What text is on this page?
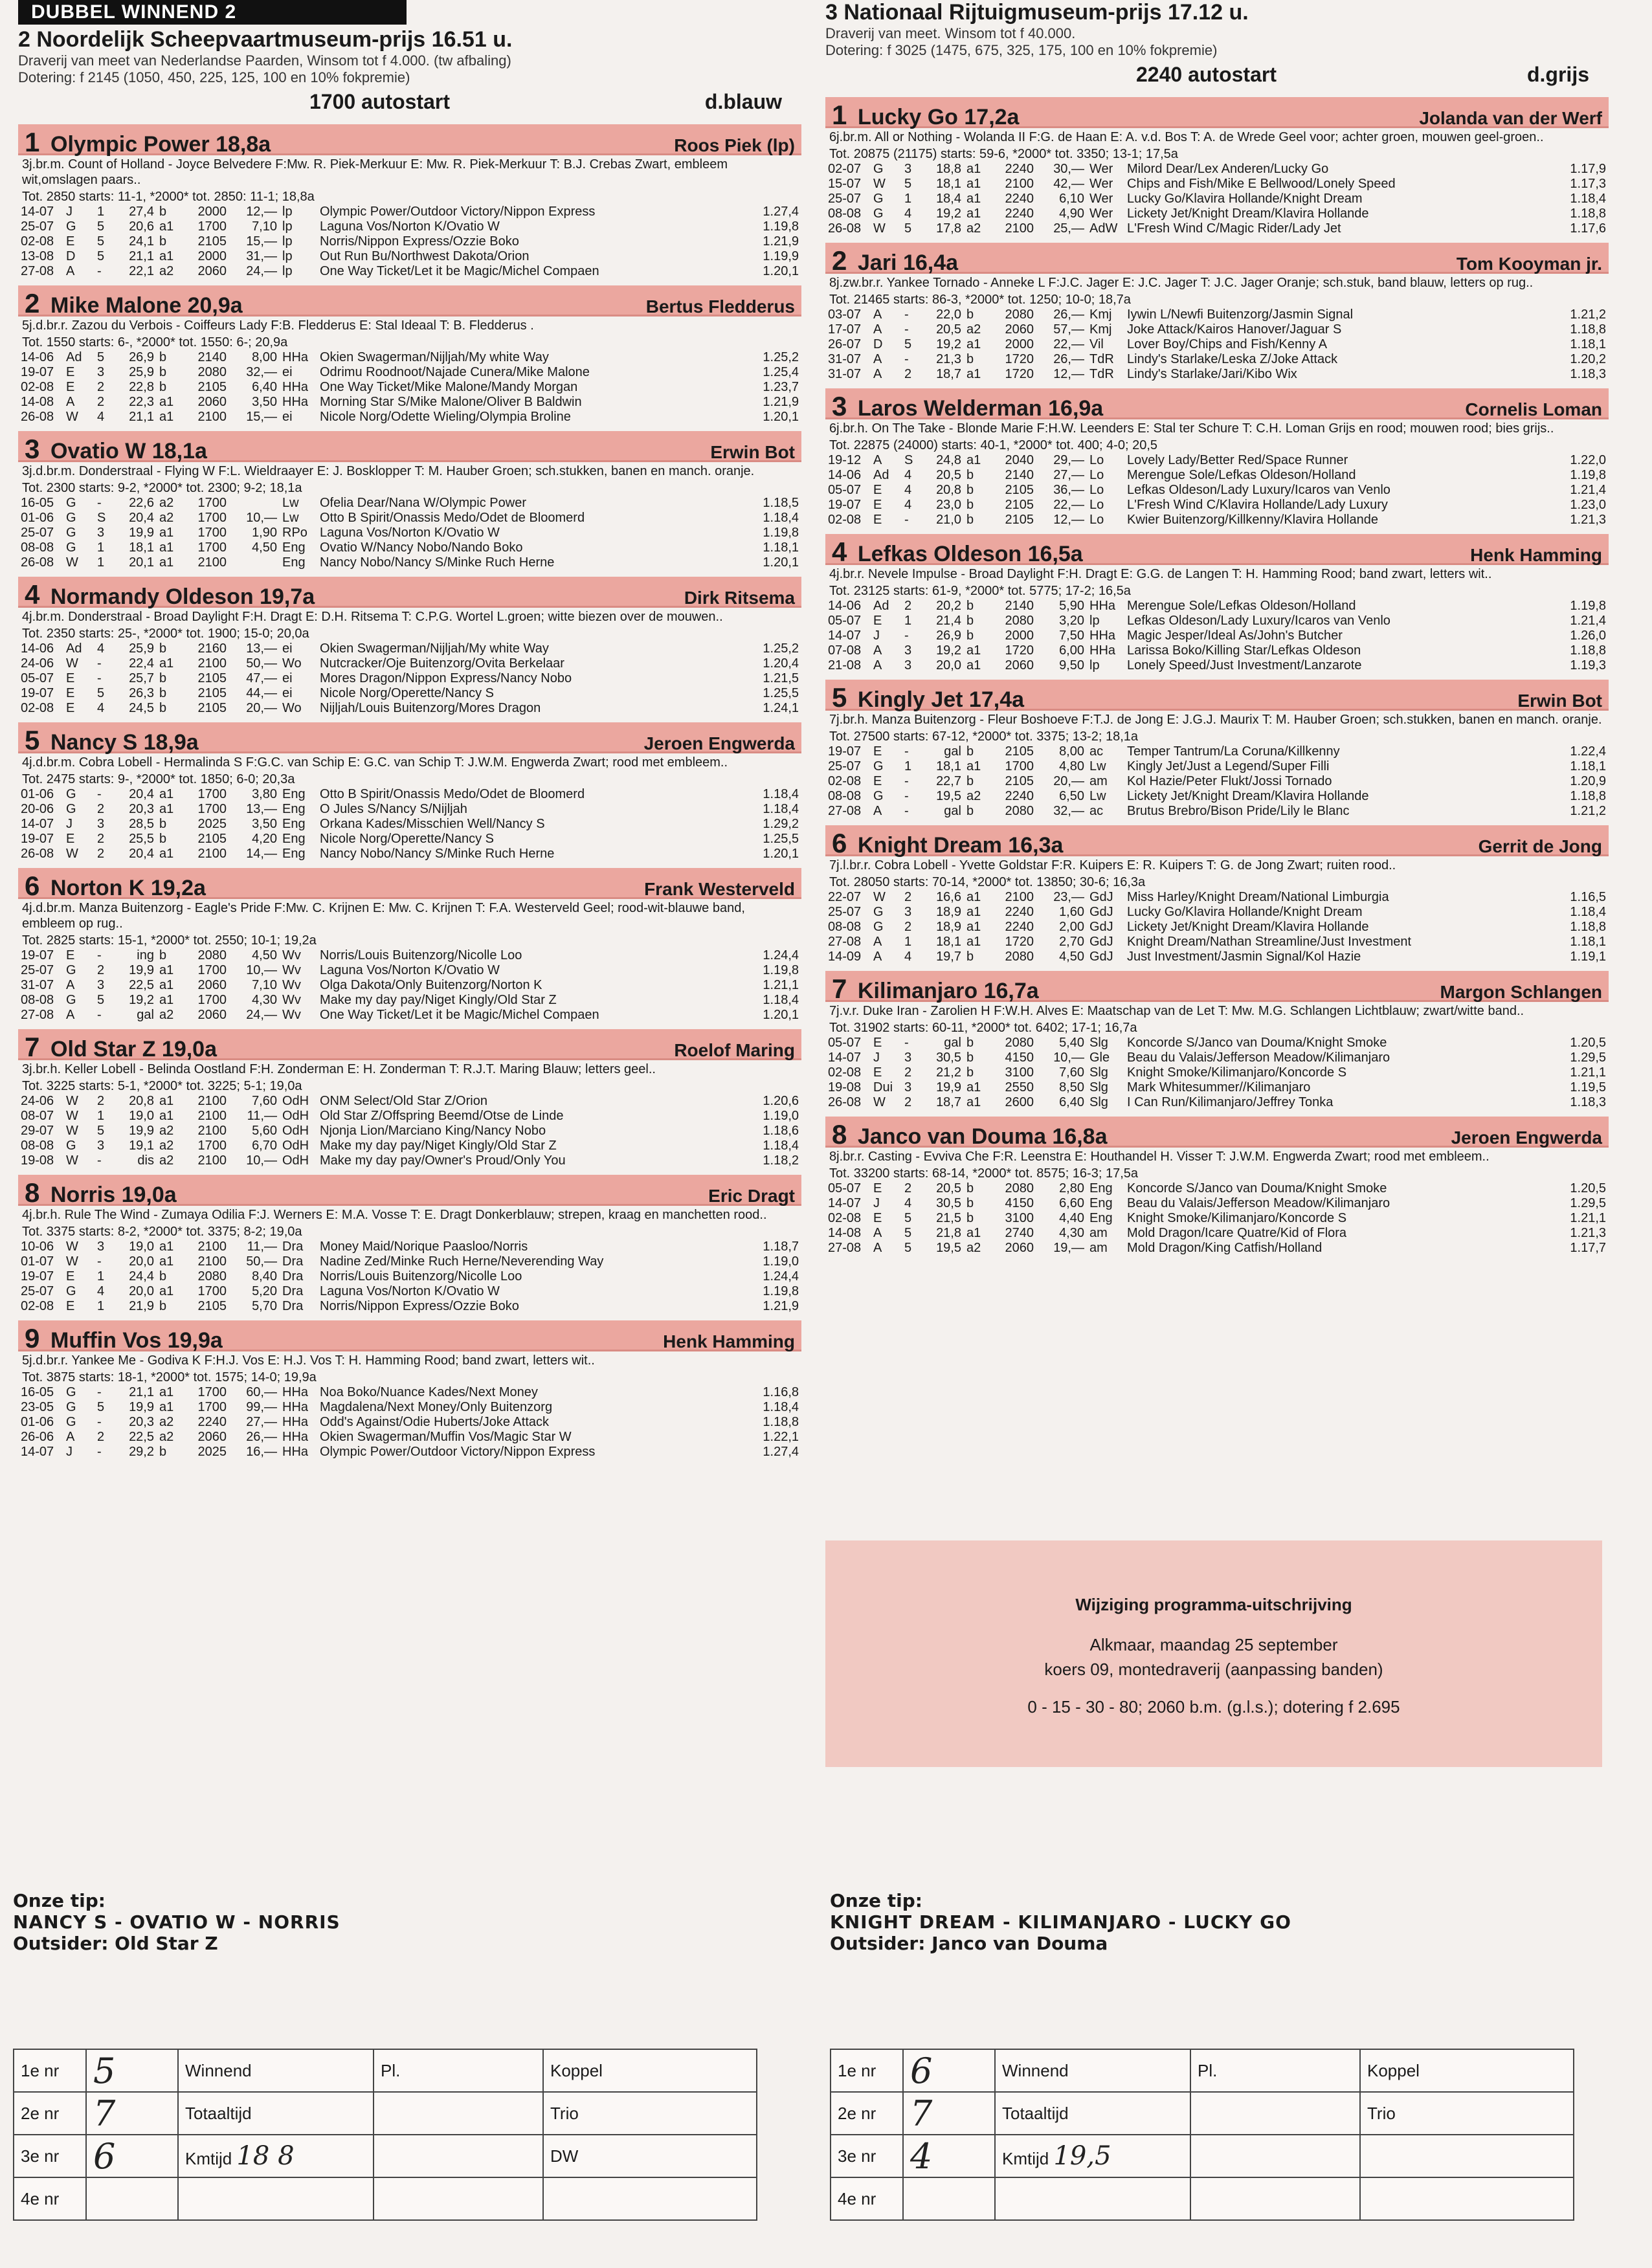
DUBBEL WINNEND 2
2 Noordelijk Scheepvaartmuseum-prijs 16.51 u.
Draverij van meet van Nederlandse Paarden, Winsom tot f 4.000. (tw afbaling)
Dotering: f 2145 (1050, 450, 225, 125, 100 en 10% fokpremie)
1700 autostart	d.blauw
1 Olympic Power 18,8a	Roos Piek (lp)
3j.br.m. Count of Holland - Joyce Belvedere F:Mw. R. Piek-Merkuur E: Mw. R. Piek-Merkuur T: B.J. Crebas Zwart, embleem wit,omslagen paars..
Tot. 2850 starts: 11-1, *2000* tot. 2850: 11-1; 18,8a
14-07	J	1	27,4	b	2000	12,—	lp	Olympic Power/Outdoor Victory/Nippon Express	1.27,4
25-07	G	5	20,6	a1	1700	7,10	lp	Laguna Vos/Norton K/Ovatio W	1.19,8
02-08	E	5	24,1	b	2105	15,—	lp	Norris/Nippon Express/Ozzie Boko	1.21,9
13-08	D	5	21,1	a1	2000	31,—	lp	Out Run Bu/Northwest Dakota/Orion	1.19,9
27-08	A	-	22,1	a2	2060	24,—	lp	One Way Ticket/Let it be Magic/Michel Compaen	1.20,1
2 Mike Malone 20,9a	Bertus Fledderus
5j.d.br.r. Zazou du Verbois - Coiffeurs Lady F:B. Fledderus E: Stal Ideaal T: B. Fledderus .
Tot. 1550 starts: 6-, *2000* tot. 1550: 6-; 20,9a
14-06	Ad	5	26,9	b	2140	8,00	HHa	Okien Swagerman/Nijljah/My white Way	1.25,2
19-07	E	3	25,9	b	2080	32,—	ei	Odrimu Roodnoot/Najade Cunera/Mike Malone	1.25,4
02-08	E	2	22,8	b	2105	6,40	HHa	One Way Ticket/Mike Malone/Mandy Morgan	1.23,7
14-08	A	2	22,3	a1	2060	3,50	HHa	Morning Star S/Mike Malone/Oliver B Baldwin	1.21,9
26-08	W	4	21,1	a1	2100	15,—	ei	Nicole Norg/Odette Wieling/Olympia Broline	1.20,1
3 Ovatio W 18,1a	Erwin Bot
3j.d.br.m. Donderstraal - Flying W F:L. Wieldraayer E: J. Bosklopper T: M. Hauber Groen; sch.stukken, banen en manch. oranje.
Tot. 2300 starts: 9-2, *2000* tot. 2300; 9-2; 18,1a
16-05	G	-	22,6	a2	1700		Lw	Ofelia Dear/Nana W/Olympic Power	1.18,5
01-06	G	S	20,4	a2	1700	10,—	Lw	Otto B Spirit/Onassis Medo/Odet de Bloomerd	1.18,4
25-07	G	3	19,9	a1	1700	1,90	RPo	Laguna Vos/Norton K/Ovatio W	1.19,8
08-08	G	1	18,1	a1	1700	4,50	Eng	Ovatio W/Nancy Nobo/Nando Boko	1.18,1
26-08	W	1	20,1	a1	2100		Eng	Nancy Nobo/Nancy S/Minke Ruch Herne	1.20,1
4 Normandy Oldeson 19,7a	Dirk Ritsema
4j.br.m. Donderstraal - Broad Daylight F:H. Dragt E: D.H. Ritsema T: C.P.G. Wortel L.groen; witte biezen over de mouwen..
Tot. 2350 starts: 25-, *2000* tot. 1900; 15-0; 20,0a
14-06	Ad	4	25,9	b	2160	13,—	ei	Okien Swagerman/Nijljah/My white Way	1.25,2
24-06	W	-	22,4	a1	2100	50,—	Wo	Nutcracker/Oje Buitenzorg/Ovita Berkelaar	1.20,4
05-07	E	-	25,7	b	2105	47,—	ei	Mores Dragon/Nippon Express/Nancy Nobo	1.21,5
19-07	E	5	26,3	b	2105	44,—	ei	Nicole Norg/Operette/Nancy S	1.25,5
02-08	E	4	24,5	b	2105	20,—	Wo	Nijljah/Louis Buitenzorg/Mores Dragon	1.24,1
5 Nancy S 18,9a	Jeroen Engwerda
4j.d.br.m. Cobra Lobell - Hermalinda S F:G.C. van Schip E: G.C. van Schip T: J.W.M. Engwerda Zwart; rood met embleem..
Tot. 2475 starts: 9-, *2000* tot. 1850; 6-0; 20,3a
01-06	G	-	20,4	a1	1700	3,80	Eng	Otto B Spirit/Onassis Medo/Odet de Bloomerd	1.18,4
20-06	G	2	20,3	a1	1700	13,—	Eng	O Jules S/Nancy S/Nijljah	1.18,4
14-07	J	3	28,5	b	2025	3,50	Eng	Orkana Kades/Misschien Well/Nancy S	1.29,2
19-07	E	2	25,5	b	2105	4,20	Eng	Nicole Norg/Operette/Nancy S	1.25,5
26-08	W	2	20,4	a1	2100	14,—	Eng	Nancy Nobo/Nancy S/Minke Ruch Herne	1.20,1
6 Norton K 19,2a	Frank Westerveld
4j.d.br.m. Manza Buitenzorg - Eagle's Pride F:Mw. C. Krijnen E: Mw. C. Krijnen T: F.A. Westerveld Geel; rood-wit-blauwe band, embleem op rug..
Tot. 2825 starts: 15-1, *2000* tot. 2550; 10-1; 19,2a
19-07	E	-	ing	b	2080	4,50	Wv	Norris/Louis Buitenzorg/Nicolle Loo	1.24,4
25-07	G	2	19,9	a1	1700	10,—	Wv	Laguna Vos/Norton K/Ovatio W	1.19,8
31-07	A	3	22,5	a1	2060	7,10	Wv	Olga Dakota/Only Buitenzorg/Norton K	1.21,1
08-08	G	5	19,2	a1	1700	4,30	Wv	Make my day pay/Niget Kingly/Old Star Z	1.18,4
27-08	A	-	gal	a2	2060	24,—	Wv	One Way Ticket/Let it be Magic/Michel Compaen	1.20,1
7 Old Star Z 19,0a	Roelof Maring
3j.br.h. Keller Lobell - Belinda Oostland F:H. Zonderman E: H. Zonderman T: R.J.T. Maring Blauw; letters geel..
Tot. 3225 starts: 5-1, *2000* tot. 3225; 5-1; 19,0a
24-06	W	2	20,8	a1	2100	7,60	OdH	ONM Select/Old Star Z/Orion	1.20,6
08-07	W	1	19,0	a1	2100	11,—	OdH	Old Star Z/Offspring Beemd/Otse de Linde	1.19,0
29-07	W	5	19,9	a2	2100	5,60	OdH	Njonja Lion/Marciano King/Nancy Nobo	1.18,6
08-08	G	3	19,1	a2	1700	6,70	OdH	Make my day pay/Niget Kingly/Old Star Z	1.18,4
19-08	W	-	dis	a2	2100	10,—	OdH	Make my day pay/Owner's Proud/Only You	1.18,2
8 Norris 19,0a	Eric Dragt
4j.br.h. Rule The Wind - Zumaya Odilia F:J. Werners E: M.A. Vosse T: E. Dragt Donkerblauw; strepen, kraag en manchetten rood..
Tot. 3375 starts: 8-2, *2000* tot. 3375; 8-2; 19,0a
10-06	W	3	19,0	a1	2100	11,—	Dra	Money Maid/Norique Paasloo/Norris	1.18,7
01-07	W	-	20,0	a1	2100	50,—	Dra	Nadine Zed/Minke Ruch Herne/Neverending Way	1.19,0
19-07	E	1	24,4	b	2080	8,40	Dra	Norris/Louis Buitenzorg/Nicolle Loo	1.24,4
25-07	G	4	20,0	a1	1700	5,20	Dra	Laguna Vos/Norton K/Ovatio W	1.19,8
02-08	E	1	21,9	b	2105	5,70	Dra	Norris/Nippon Express/Ozzie Boko	1.21,9
9 Muffin Vos 19,9a	Henk Hamming
5j.d.br.r. Yankee Me - Godiva K F:H.J. Vos E: H.J. Vos T: H. Hamming Rood; band zwart, letters wit..
Tot. 3875 starts: 18-1, *2000* tot. 1575; 14-0; 19,9a
16-05	G	-	21,1	a1	1700	60,—	HHa	Noa Boko/Nuance Kades/Next Money	1.16,8
23-05	G	5	19,9	a1	1700	99,—	HHa	Magdalena/Next Money/Only Buitenzorg	1.18,4
01-06	G	-	20,3	a2	2240	27,—	HHa	Odd's Against/Odie Huberts/Joke Attack	1.18,8
26-06	A	2	22,5	a2	2060	26,—	HHa	Okien Swagerman/Muffin Vos/Magic Star W	1.22,1
14-07	J	-	29,2	b	2025	16,—	HHa	Olympic Power/Outdoor Victory/Nippon Express	1.27,4
3 Nationaal Rijtuigmuseum-prijs 17.12 u.
Draverij van meet. Winsom tot f 40.000.
Dotering: f 3025 (1475, 675, 325, 175, 100 en 10% fokpremie)
2240 autostart	d.grijs
1 Lucky Go 17,2a	Jolanda van der Werf
6j.br.m. All or Nothing - Wolanda II F:G. de Haan E: A. v.d. Bos T: A. de Wrede Geel voor; achter groen, mouwen geel-groen..
Tot. 20875 (21175) starts: 59-6, *2000* tot. 3350; 13-1; 17,5a
02-07	G	3	18,8	a1	2240	30,—	Wer	Milord Dear/Lex Anderen/Lucky Go	1.17,9
15-07	W	5	18,1	a1	2100	42,—	Wer	Chips and Fish/Mike E Bellwood/Lonely Speed	1.17,3
25-07	G	1	18,4	a1	2240	6,10	Wer	Lucky Go/Klavira Hollande/Knight Dream	1.18,4
08-08	G	4	19,2	a1	2240	4,90	Wer	Lickety Jet/Knight Dream/Klavira Hollande	1.18,8
26-08	W	5	17,8	a2	2100	25,—	AdW	L'Fresh Wind C/Magic Rider/Lady Jet	1.17,6
2 Jari 16,4a	Tom Kooyman jr.
8j.zw.br.r. Yankee Tornado - Anneke L F:J.C. Jager E: J.C. Jager T: J.C. Jager Oranje; sch.stuk, band blauw, letters op rug..
Tot. 21465 starts: 86-3, *2000* tot. 1250; 10-0; 18,7a
03-07	A	-	22,0	b	2080	26,—	Kmj	Iywin L/Newfi Buitenzorg/Jasmin Signal	1.21,2
17-07	A	-	20,5	a2	2060	57,—	Kmj	Joke Attack/Kairos Hanover/Jaguar S	1.18,8
26-07	D	5	19,2	a1	2000	22,—	Vil	Lover Boy/Chips and Fish/Kenny A	1.18,1
31-07	A	-	21,3	b	1720	26,—	TdR	Lindy's Starlake/Leska Z/Joke Attack	1.20,2
31-07	A	2	18,7	a1	1720	12,—	TdR	Lindy's Starlake/Jari/Kibo Wix	1.18,3
3 Laros Welderman 16,9a	Cornelis Loman
6j.br.h. On The Take - Blonde Marie F:H.W. Leenders E: Stal ter Schure T: C.H. Loman Grijs en rood; mouwen rood; bies grijs..
Tot. 22875 (24000) starts: 40-1, *2000* tot. 400; 4-0; 20,5
19-12	A	S	24,8	a1	2040	29,—	Lo	Lovely Lady/Better Red/Space Runner	1.22,0
14-06	Ad	4	20,5	b	2140	27,—	Lo	Merengue Sole/Lefkas Oldeson/Holland	1.19,8
05-07	E	4	20,8	b	2105	36,—	Lo	Lefkas Oldeson/Lady Luxury/Icaros van Venlo	1.21,4
19-07	E	4	23,0	b	2105	22,—	Lo	L'Fresh Wind C/Klavira Hollande/Lady Luxury	1.23,0
02-08	E	-	21,0	b	2105	12,—	Lo	Kwier Buitenzorg/Killkenny/Klavira Hollande	1.21,3
4 Lefkas Oldeson 16,5a	Henk Hamming
4j.br.r. Nevele Impulse - Broad Daylight F:H. Dragt E: G.G. de Langen T: H. Hamming Rood; band zwart, letters wit..
Tot. 23125 starts: 61-9, *2000* tot. 5775; 17-2; 16,5a
14-06	Ad	2	20,2	b	2140	5,90	HHa	Merengue Sole/Lefkas Oldeson/Holland	1.19,8
05-07	E	1	21,4	b	2080	3,20	lp	Lefkas Oldeson/Lady Luxury/Icaros van Venlo	1.21,4
14-07	J	-	26,9	b	2000	7,50	HHa	Magic Jesper/Ideal As/John's Butcher	1.26,0
07-08	A	3	19,2	a1	1720	6,00	HHa	Larissa Boko/Killing Star/Lefkas Oldeson	1.18,8
21-08	A	3	20,0	a1	2060	9,50	lp	Lonely Speed/Just Investment/Lanzarote	1.19,3
5 Kingly Jet 17,4a	Erwin Bot
7j.br.h. Manza Buitenzorg - Fleur Boshoeve F:T.J. de Jong E: J.G.J. Maurix T: M. Hauber Groen; sch.stukken, banen en manch. oranje.
Tot. 27500 starts: 67-12, *2000* tot. 3375; 13-2; 18,1a
19-07	E	-	gal	b	2105	8,00	ac	Temper Tantrum/La Coruna/Killkenny	1.22,4
25-07	G	1	18,1	a1	1700	4,80	Lw	Kingly Jet/Just a Legend/Super Filli	1.18,1
02-08	E	-	22,7	b	2105	20,—	am	Kol Hazie/Peter Flukt/Jossi Tornado	1.20,9
08-08	G	-	19,5	a2	2240	6,50	Lw	Lickety Jet/Knight Dream/Klavira Hollande	1.18,8
27-08	A	-	gal	b	2080	32,—	ac	Brutus Brebro/Bison Pride/Lily le Blanc	1.21,2
6 Knight Dream 16,3a	Gerrit de Jong
7j.l.br.r. Cobra Lobell - Yvette Goldstar F:R. Kuipers E: R. Kuipers T: G. de Jong Zwart; ruiten rood..
Tot. 28050 starts: 70-14, *2000* tot. 13850; 30-6; 16,3a
22-07	W	2	16,6	a1	2100	23,—	GdJ	Miss Harley/Knight Dream/National Limburgia	1.16,5
25-07	G	3	18,9	a1	2240	1,60	GdJ	Lucky Go/Klavira Hollande/Knight Dream	1.18,4
08-08	G	2	18,9	a1	2240	2,00	GdJ	Lickety Jet/Knight Dream/Klavira Hollande	1.18,8
27-08	A	1	18,1	a1	1720	2,70	GdJ	Knight Dream/Nathan Streamline/Just Investment	1.18,1
14-09	A	4	19,7	b	2080	4,50	GdJ	Just Investment/Jasmin Signal/Kol Hazie	1.19,1
7 Kilimanjaro 16,7a	Margon Schlangen
7j.v.r. Duke Iran - Zarolien H F:W.H. Alves E: Maatschap van de Let T: Mw. M.G. Schlangen Lichtblauw; zwart/witte band..
Tot. 31902 starts: 60-11, *2000* tot. 6402; 17-1; 16,7a
05-07	E	-	gal	b	2080	5,40	Slg	Koncorde S/Janco van Douma/Knight Smoke	1.20,5
14-07	J	3	30,5	b	4150	10,—	Gle	Beau du Valais/Jefferson Meadow/Kilimanjaro	1.29,5
02-08	E	2	21,2	b	3100	7,60	Slg	Knight Smoke/Kilimanjaro/Koncorde S	1.21,1
19-08	Dui	3	19,9	a1	2550	8,50	Slg	Mark Whitesummer//Kilimanjaro	1.19,5
26-08	W	2	18,7	a1	2600	6,40	Slg	I Can Run/Kilimanjaro/Jeffrey Tonka	1.18,3
8 Janco van Douma 16,8a	Jeroen Engwerda
8j.br.r. Casting - Evviva Che F:R. Leenstra E: Houthandel H. Visser T: J.W.M. Engwerda Zwart; rood met embleem..
Tot. 33200 starts: 68-14, *2000* tot. 8575; 16-3; 17,5a
05-07	E	2	20,5	b	2080	2,80	Eng	Koncorde S/Janco van Douma/Knight Smoke	1.20,5
14-07	J	4	30,5	b	4150	6,60	Eng	Beau du Valais/Jefferson Meadow/Kilimanjaro	1.29,5
02-08	E	5	21,5	b	3100	4,40	Eng	Knight Smoke/Kilimanjaro/Koncorde S	1.21,1
14-08	A	5	21,8	a1	2740	4,30	am	Mold Dragon/Icare Quatre/Kid of Flora	1.21,3
27-08	A	5	19,5	a2	2060	19,—	am	Mold Dragon/King Catfish/Holland	1.17,7
Wijziging programma-uitschrijving
Alkmaar, maandag 25 september
koers 09, montedraverij (aanpassing banden)
0 - 15 - 30 - 80; 2060 b.m. (g.l.s.); dotering f 2.695
Onze tip:
NANCY S - OVATIO W - NORRIS
Outsider: Old Star Z
Onze tip:
KNIGHT DREAM - KILIMANJARO - LUCKY GO
Outsider: Janco van Douma
1e nr	5	Winnend	Pl.	Koppel
2e nr	7	Totaaltijd		Trio
3e nr	6	Kmtijd 18 8		DW
4e nr				
1e nr	6	Winnend	Pl.	Koppel
2e nr	7	Totaaltijd		Trio
3e nr	4	Kmtijd 19,5		
4e nr				
